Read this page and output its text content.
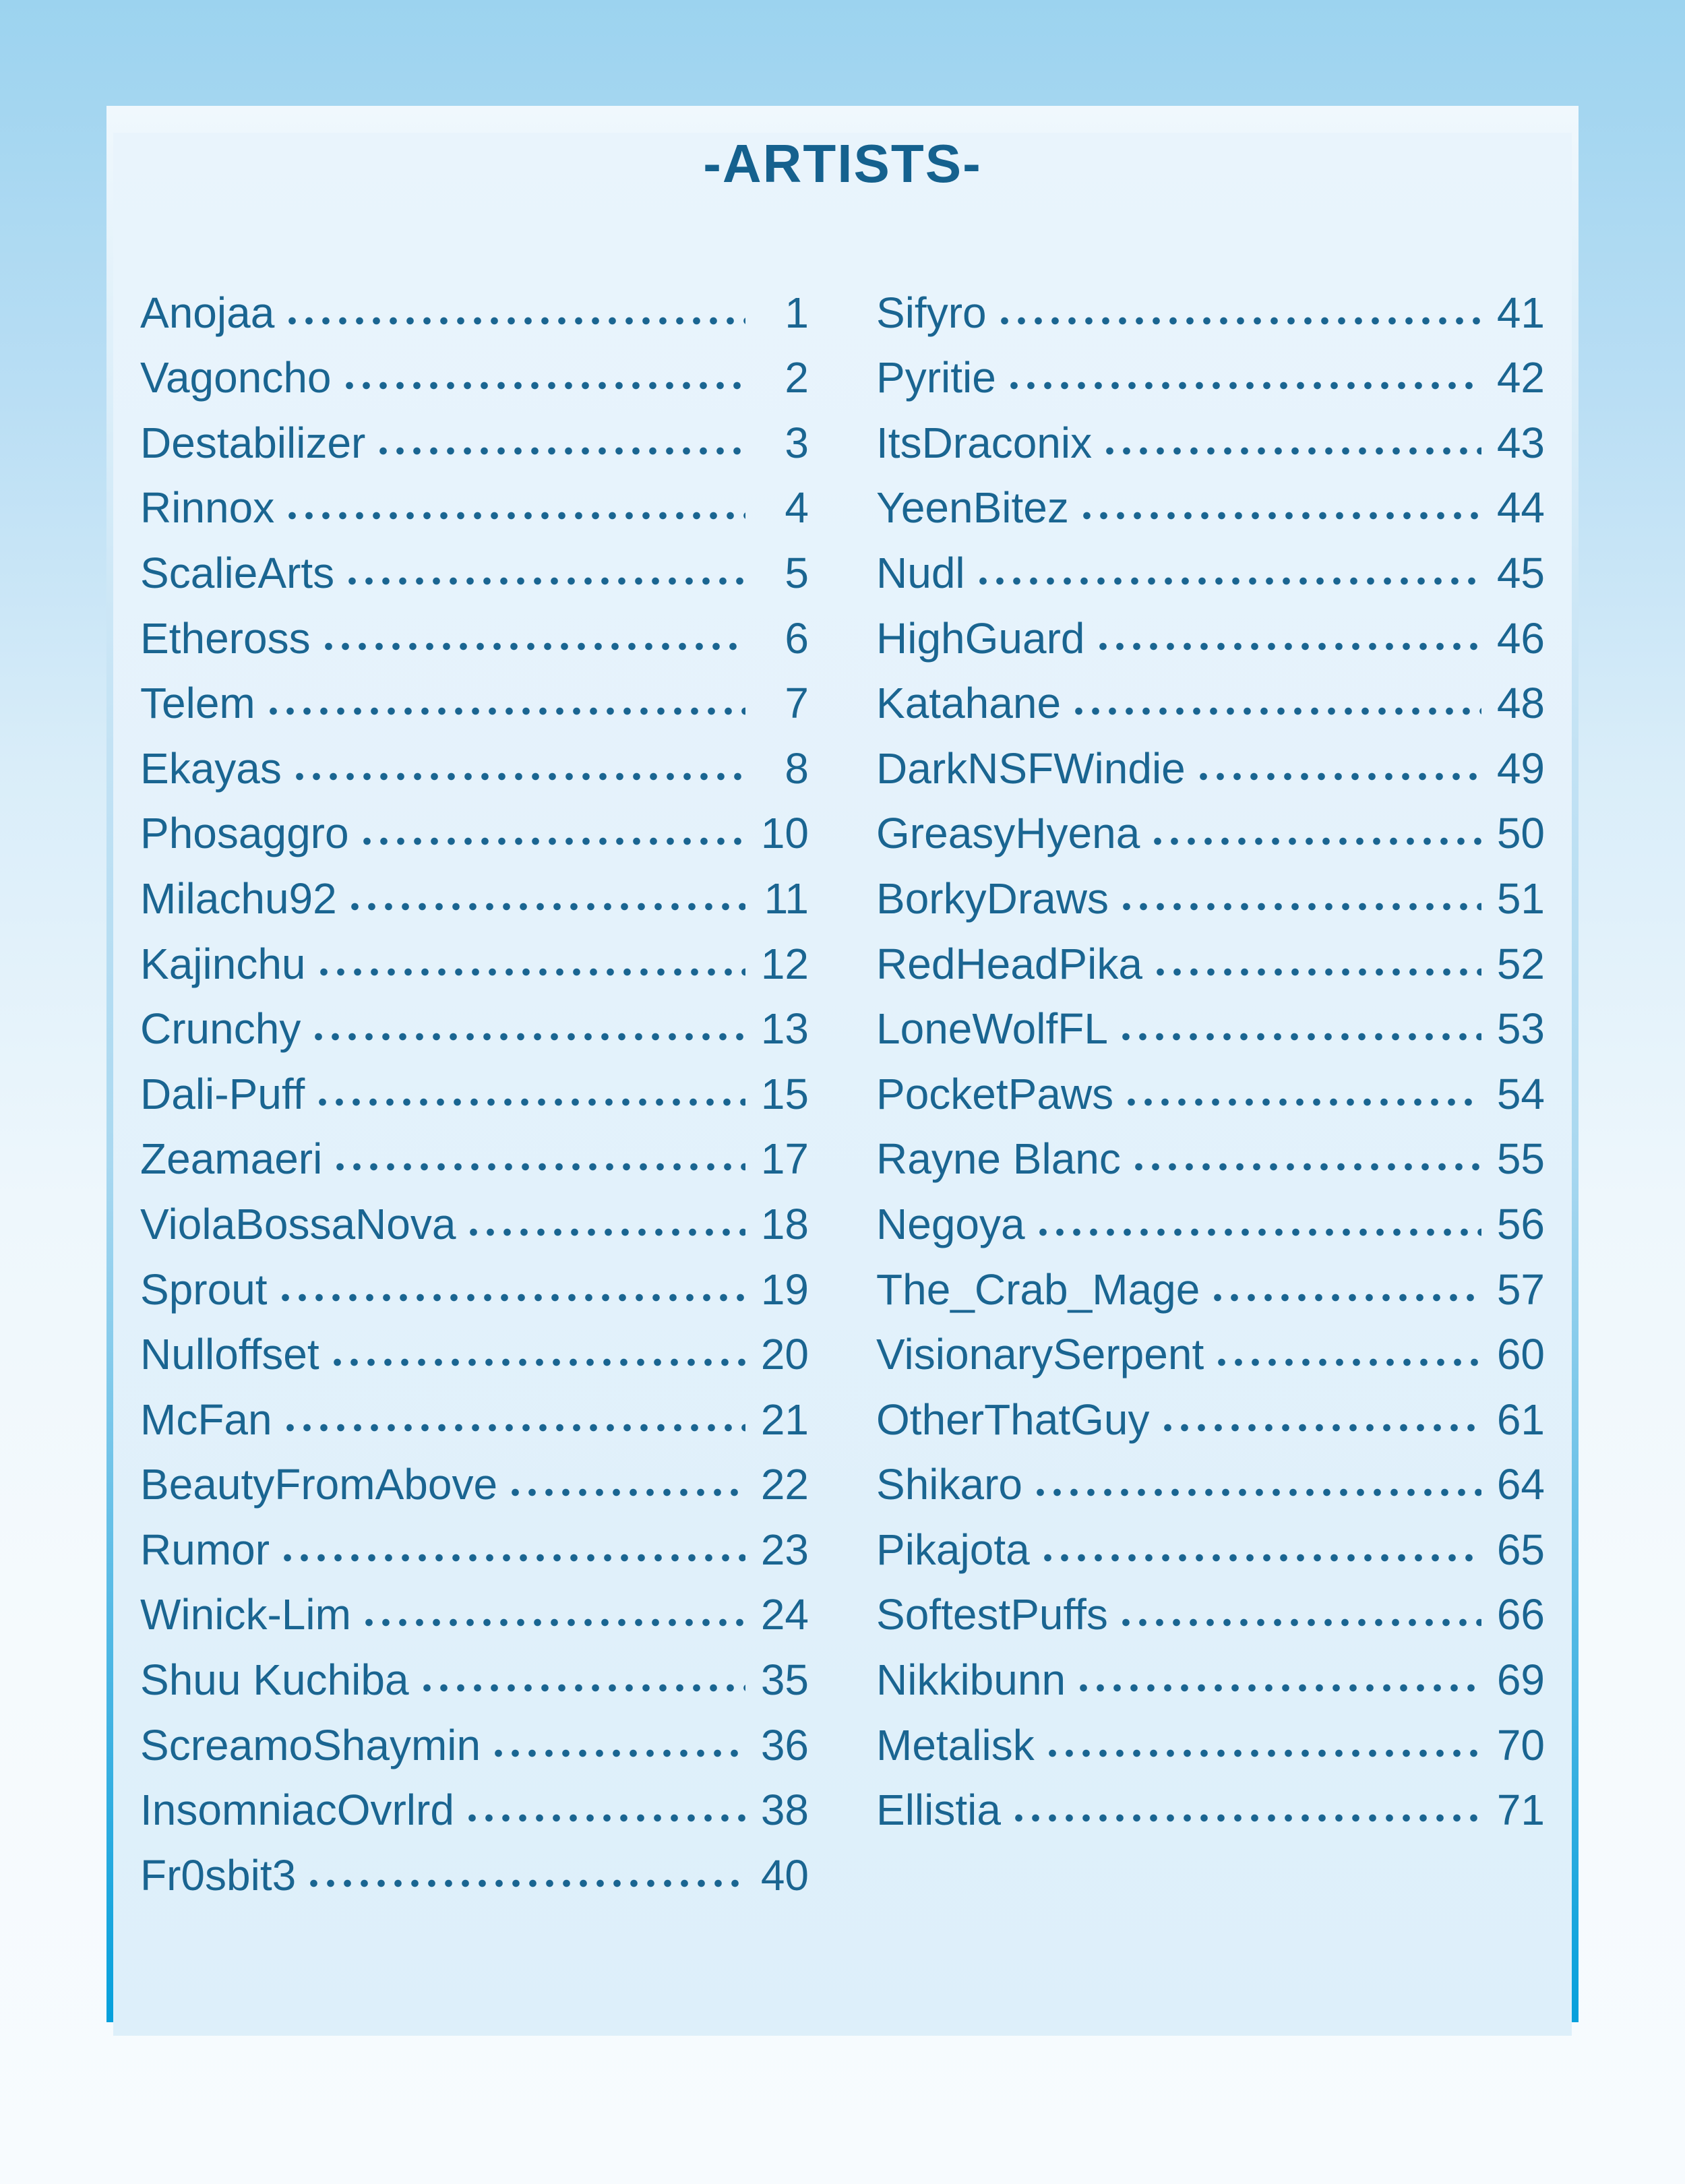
-ARTISTS-
Anojaa	1
Vagoncho	2
Destabilizer	3
Rinnox	4
ScalieArts	5
Etheross	6
Telem	7
Ekayas	8
Phosaggro	10
Milachu92	11
Kajinchu	12
Crunchy	13
Dali-Puff	15
Zeamaeri	17
ViolaBossaNova	18
Sprout	19
Nulloffset	20
McFan	21
BeautyFromAbove	22
Rumor	23
Winick-Lim	24
Shuu Kuchiba	35
ScreamoShaymin	36
InsomniacOvrlrd	38
Fr0sbit3	40
Sifyro	41
Pyritie	42
ItsDraconix	43
YeenBitez	44
Nudl	45
HighGuard	46
Katahane	48
DarkNSFWindie	49
GreasyHyena	50
BorkyDraws	51
RedHeadPika	52
LoneWolfFL	53
PocketPaws	54
Rayne Blanc	55
Negoya	56
The_Crab_Mage	57
VisionarySerpent	60
OtherThatGuy	61
Shikaro	64
Pikajota	65
SoftestPuffs	66
Nikkibunn	69
Metalisk	70
Ellistia	71
